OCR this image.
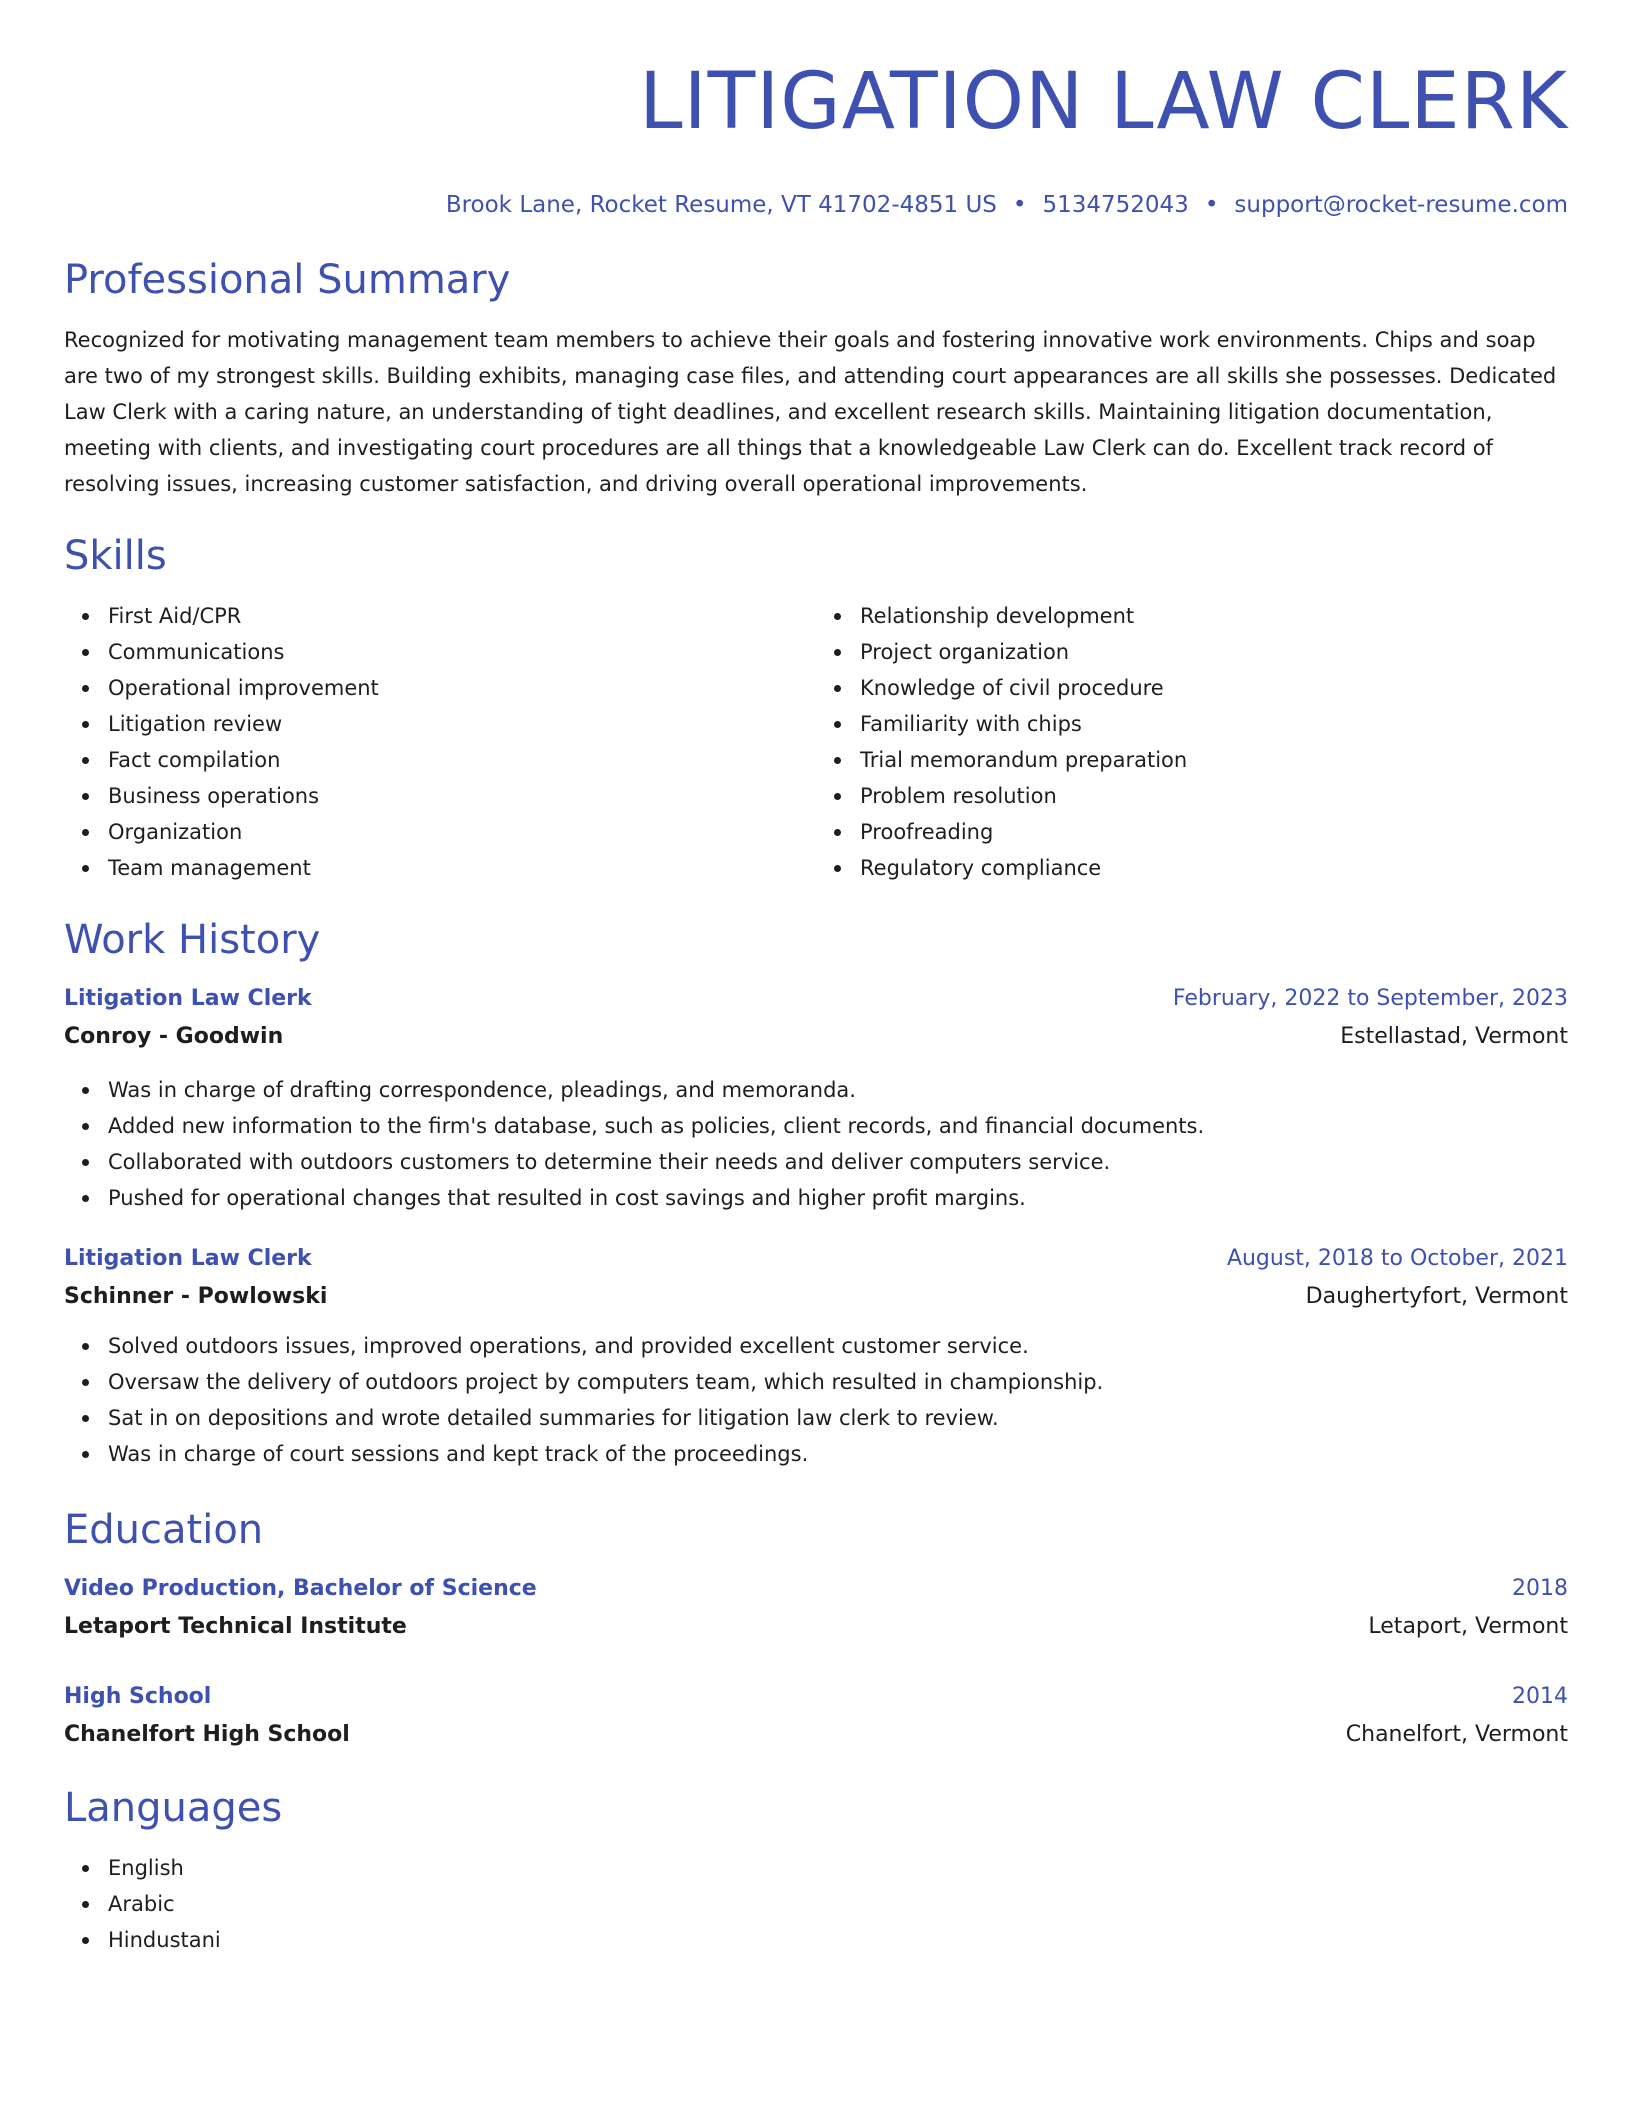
LITIGATION LAW CLERK
Brook Lane, Rocket Resume, VT 41702-4851 US • 5134752043 • support@rocket-resume.com
Professional Summary

Recognized for motivating management team members to achieve their goals and fostering innovative work environments. Chips and soap are two of my strongest skills. Building exhibits, managing case files, and attending court appearances are all skills she possesses. Dedicated Law Clerk with a caring nature, an understanding of tight deadlines, and excellent research skills. Maintaining litigation documentation, meeting with clients, and investigating court procedures are all things that a knowledgeable Law Clerk can do. Excellent track record of resolving issues, increasing customer satisfaction, and driving overall operational improvements.

Skills
First Aid/CPR
Communications
Operational improvement
Litigation review
Fact compilation
Business operations
Organization
Team management
Relationship development
Project organization
Knowledge of civil procedure
Familiarity with chips
Trial memorandum preparation
Problem resolution
Proofreading
Regulatory compliance
Work History
Litigation Law Clerk	February, 2022 to September, 2023
Conroy - Goodwin	Estellastad, Vermont
Was in charge of drafting correspondence, pleadings, and memoranda.
Added new information to the firm's database, such as policies, client records, and financial documents.
Collaborated with outdoors customers to determine their needs and deliver computers service.
Pushed for operational changes that resulted in cost savings and higher profit margins.
Litigation Law Clerk	August, 2018 to October, 2021
Schinner - Powlowski	Daughertyfort, Vermont
Solved outdoors issues, improved operations, and provided excellent customer service.
Oversaw the delivery of outdoors project by computers team, which resulted in championship.
Sat in on depositions and wrote detailed summaries for litigation law clerk to review.
Was in charge of court sessions and kept track of the proceedings.
Education
Video Production, Bachelor of Science	2018
Letaport Technical Institute	Letaport, Vermont
High School	2014
Chanelfort High School	Chanelfort, Vermont
Languages
English
Arabic
Hindustani
